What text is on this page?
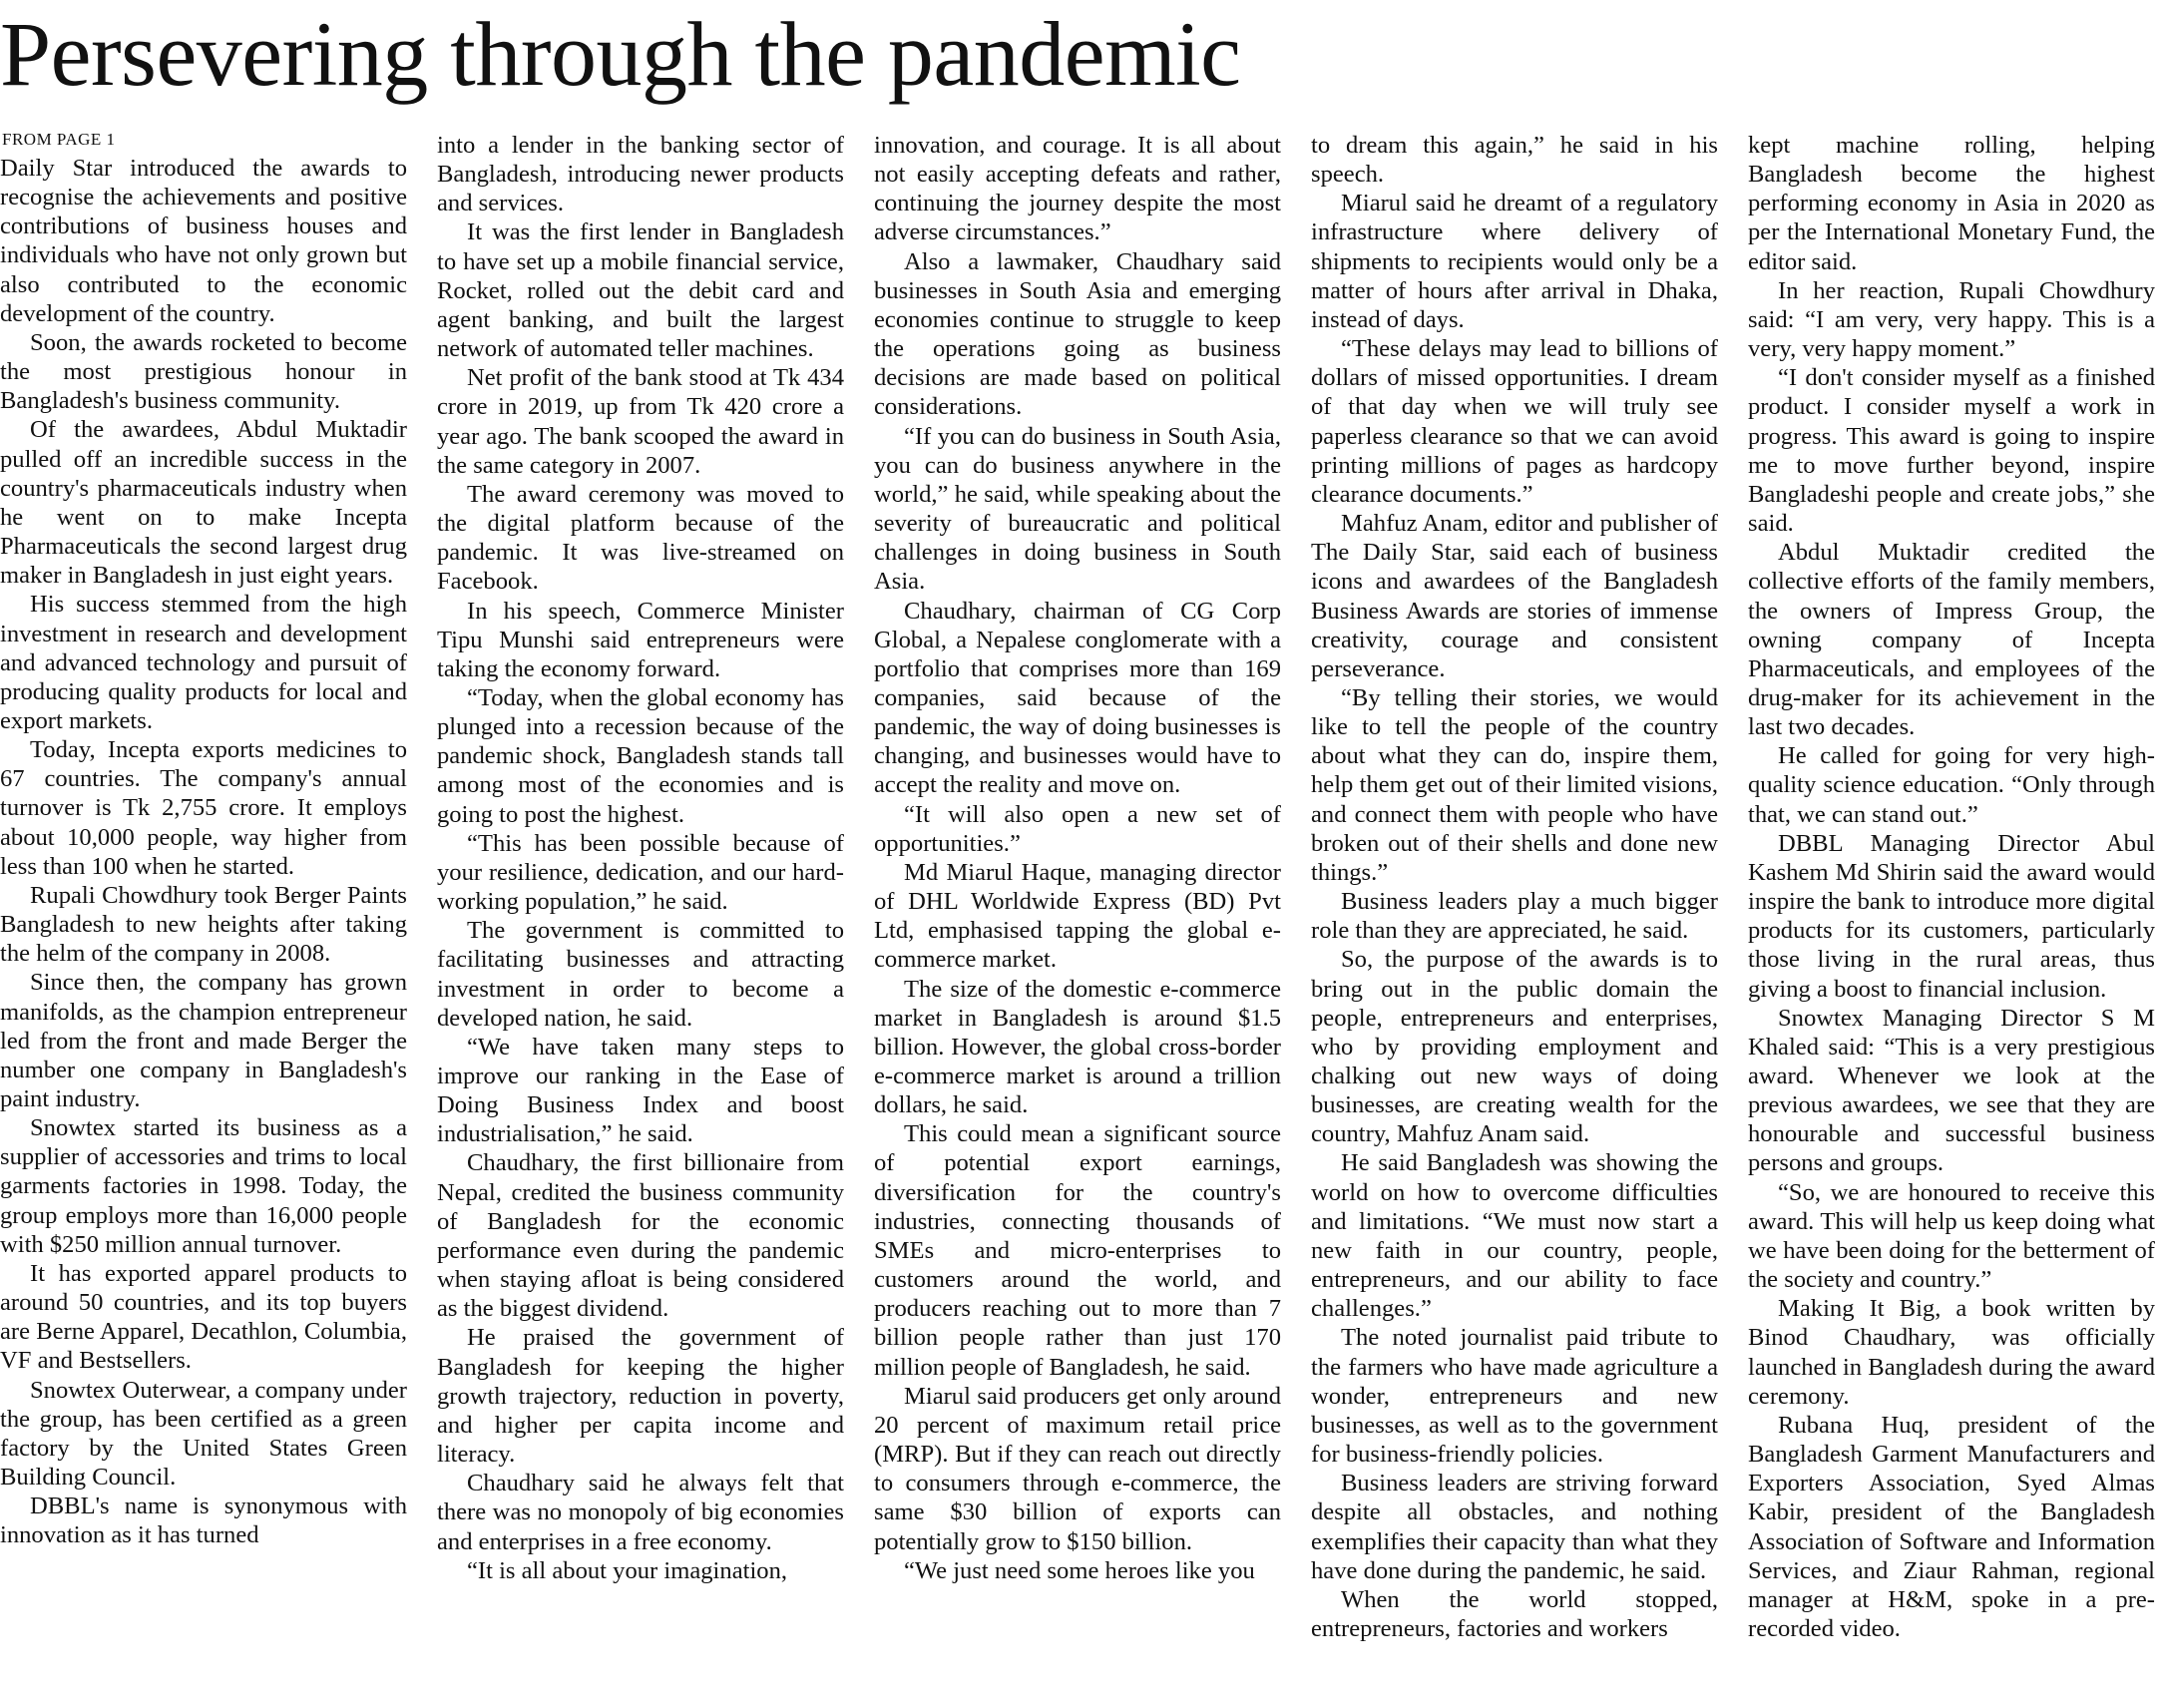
Persevering through the pandemic
FROM PAGE 1

Daily Star introduced the awards to recognise the achievements and positive contributions of business houses and individuals who have not only grown but also contributed to the economic development of the country.

Soon, the awards rocketed to become the most prestigious honour in Bangladesh's business community.

Of the awardees, Abdul Muktadir pulled off an incredible success in the country's pharmaceuticals industry when he went on to make Incepta Pharmaceuticals the second largest drug maker in Bangladesh in just eight years.

His success stemmed from the high investment in research and development and advanced technology and pursuit of producing quality products for local and export markets.

Today, Incepta exports medicines to 67 countries. The company's annual turnover is Tk 2,755 crore. It employs about 10,000 people, way higher from less than 100 when he started.

Rupali Chowdhury took Berger Paints Bangladesh to new heights after taking the helm of the company in 2008.

Since then, the company has grown manifolds, as the champion entrepreneur led from the front and made Berger the number one company in Bangladesh's paint industry.

Snowtex started its business as a supplier of accessories and trims to local garments factories in 1998. Today, the group employs more than 16,000 people with $250 million annual turnover.

It has exported apparel products to around 50 countries, and its top buyers are Berne Apparel, Decathlon, Columbia, VF and Bestsellers.

Snowtex Outerwear, a company under the group, has been certified as a green factory by the United States Green Building Council.

DBBL's name is synonymous with innovation as it has turned

into a lender in the banking sector of Bangladesh, introducing newer products and services.

It was the first lender in Bangladesh to have set up a mobile financial service, Rocket, rolled out the debit card and agent banking, and built the largest network of automated teller machines.

Net profit of the bank stood at Tk 434 crore in 2019, up from Tk 420 crore a year ago. The bank scooped the award in the same category in 2007.

The award ceremony was moved to the digital platform because of the pandemic. It was live-streamed on Facebook.

In his speech, Commerce Minister Tipu Munshi said entrepreneurs were taking the economy forward.

“Today, when the global economy has plunged into a recession because of the pandemic shock, Bangladesh stands tall among most of the economies and is going to post the highest.

“This has been possible because of your resilience, dedication, and our hard-working population,” he said.

The government is committed to facilitating businesses and attracting investment in order to become a developed nation, he said.

“We have taken many steps to improve our ranking in the Ease of Doing Business Index and boost industrialisation,” he said.

Chaudhary, the first billionaire from Nepal, credited the business community of Bangladesh for the economic performance even during the pandemic when staying afloat is being considered as the biggest dividend.

He praised the government of Bangladesh for keeping the higher growth trajectory, reduction in poverty, and higher per capita income and literacy.

Chaudhary said he always felt that there was no monopoly of big economies and enterprises in a free economy.

“It is all about your imagination,

innovation, and courage. It is all about not easily accepting defeats and rather, continuing the journey despite the most adverse circumstances.”

Also a lawmaker, Chaudhary said businesses in South Asia and emerging economies continue to struggle to keep the operations going as business decisions are made based on political considerations.

“If you can do business in South Asia, you can do business anywhere in the world,” he said, while speaking about the severity of bureaucratic and political challenges in doing business in South Asia.

Chaudhary, chairman of CG Corp Global, a Nepalese conglomerate with a portfolio that comprises more than 169 companies, said because of the pandemic, the way of doing businesses is changing, and businesses would have to accept the reality and move on.

“It will also open a new set of opportunities.”

Md Miarul Haque, managing director of DHL Worldwide Express (BD) Pvt Ltd, emphasised tapping the global e-commerce market.

The size of the domestic e-commerce market in Bangladesh is around $1.5 billion. However, the global cross-border e-commerce market is around a trillion dollars, he said.

This could mean a significant source of potential export earnings, diversification for the country's industries, connecting thousands of SMEs and micro-enterprises to customers around the world, and producers reaching out to more than 7 billion people rather than just 170 million people of Bangladesh, he said.

Miarul said producers get only around 20 percent of maximum retail price (MRP). But if they can reach out directly to consumers through e-commerce, the same $30 billion of exports can potentially grow to $150 billion.

“We just need some heroes like you

to dream this again,” he said in his speech.

Miarul said he dreamt of a regulatory infrastructure where delivery of shipments to recipients would only be a matter of hours after arrival in Dhaka, instead of days.

“These delays may lead to billions of dollars of missed opportunities. I dream of that day when we will truly see paperless clearance so that we can avoid printing millions of pages as hardcopy clearance documents.”

Mahfuz Anam, editor and publisher of The Daily Star, said each of business icons and awardees of the Bangladesh Business Awards are stories of immense creativity, courage and consistent perseverance.

“By telling their stories, we would like to tell the people of the country about what they can do, inspire them, help them get out of their limited visions, and connect them with people who have broken out of their shells and done new things.”

Business leaders play a much bigger role than they are appreciated, he said.

So, the purpose of the awards is to bring out in the public domain the people, entrepreneurs and enterprises, who by providing employment and chalking out new ways of doing businesses, are creating wealth for the country, Mahfuz Anam said.

He said Bangladesh was showing the world on how to overcome difficulties and limitations. “We must now start a new faith in our country, people, entrepreneurs, and our ability to face challenges.”

The noted journalist paid tribute to the farmers who have made agriculture a wonder, entrepreneurs and new businesses, as well as to the government for business-friendly policies.

Business leaders are striving forward despite all obstacles, and nothing exemplifies their capacity than what they have done during the pandemic, he said.

When the world stopped, entrepreneurs, factories and workers

kept machine rolling, helping Bangladesh become the highest performing economy in Asia in 2020 as per the International Monetary Fund, the editor said.

In her reaction, Rupali Chowdhury said: “I am very, very happy. This is a very, very happy moment.”

“I don't consider myself as a finished product. I consider myself a work in progress. This award is going to inspire me to move further beyond, inspire Bangladeshi people and create jobs,” she said.

Abdul Muktadir credited the collective efforts of the family members, the owners of Impress Group, the owning company of Incepta Pharmaceuticals, and employees of the drug-maker for its achievement in the last two decades.

He called for going for very high-quality science education. “Only through that, we can stand out.”

DBBL Managing Director Abul Kashem Md Shirin said the award would inspire the bank to introduce more digital products for its customers, particularly those living in the rural areas, thus giving a boost to financial inclusion.

Snowtex Managing Director S M Khaled said: “This is a very prestigious award. Whenever we look at the previous awardees, we see that they are honourable and successful business persons and groups.

“So, we are honoured to receive this award. This will help us keep doing what we have been doing for the betterment of the society and country.”

Making It Big, a book written by Binod Chaudhary, was officially launched in Bangladesh during the award ceremony.

Rubana Huq, president of the Bangladesh Garment Manufacturers and Exporters Association, Syed Almas Kabir, president of the Bangladesh Association of Software and Information Services, and Ziaur Rahman, regional manager at H&M, spoke in a pre-recorded video.
